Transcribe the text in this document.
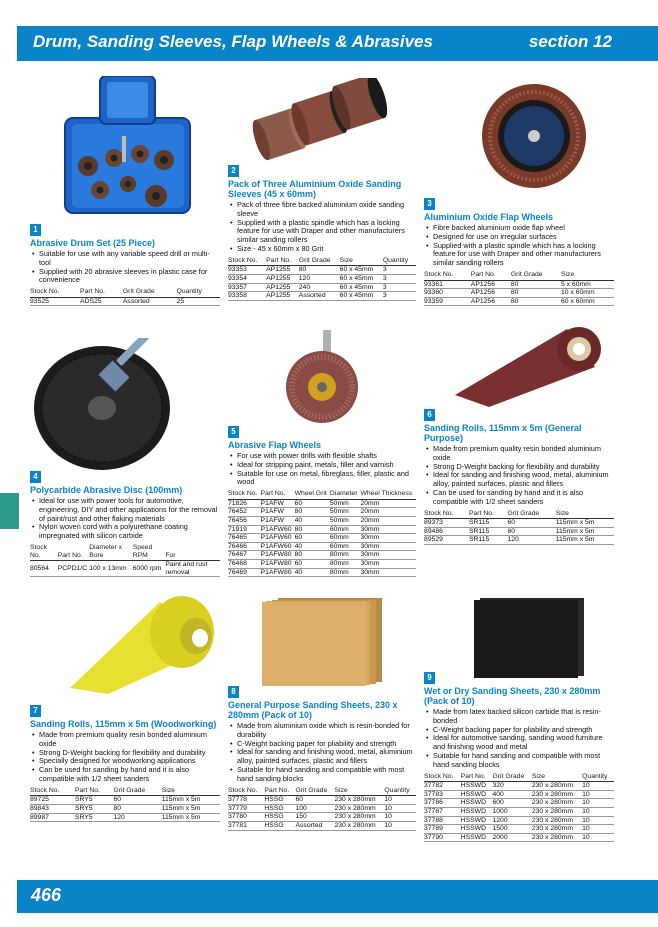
Drum, Sanding Sleeves, Flap Wheels & Abrasives	section 12
1
Abrasive Drum Set (25 Piece)
• Suitable for use with any variable speed drill or multi-tool
• Supplied with 20 abrasive sleeves in plastic case for convenience
Stock No.	Part No.	Grit Grade	Quantity
93525	ADS25	Assorted	25
2
Pack of Three Aluminium Oxide Sanding Sleeves (45 x 60mm)
• Pack of three fibre backed aluminium oxide sanding sleeve
• Supplied with a plastic spindle which has a locking feature for use with Draper and other manufacturers similar sanding rollers
• Size - 45 x 60mm x 80 Grit
Stock No.	Part No.	Grit Grade	Size	Quantity
93353	AP1255	80	60 x 45mm	3
93354	AP1255	120	60 x 45mm	3
93357	AP1255	240	60 x 45mm	3
93358	AP1255	Assorted	60 x 45mm	3
3
Aluminium Oxide Flap Wheels
• Fibre backed aluminium oxide flap wheel
• Designed for use on irregular surfaces
• Supplied with a plastic spindle which has a locking feature for use with Draper and other manufacturers similar sanding rollers
Stock No.	Part No.	Grit Grade	Size
93361	AP1256	80	5 x 60mm
93360	AP1256	80	10 x 60mm
93359	AP1256	80	60 x 60mm
4
Polycarbide Abrasive Disc (100mm)
• Ideal for use with power tools for automotive, engineering, DIY and other applications for the removal of paint/rust and other flaking materials
• Nylon woven cord with a polyurethane coating impregnated with silicon carbide
Stock No.	Part No.	Diameter x Bore	Speed RPM	For
80564	PCPD1/C	100 x 13mm	6000 rpm	Paint and rust removal
5
Abrasive Flap Wheels
• For use with power drills with flexible shafts
• Ideal for stripping paint, metals, filler and varnish
• Suitable for use on metal, fibreglass, filler, plastic and wood
Stock No.	Part No.	Wheel Grit	Diameter	Wheel Thickness
71826	P1AFW	60	50mm	20mm
76452	P1AFW	80	50mm	20mm
76456	P1AFW	40	50mm	20mm
71919	P1AFW60	80	60mm	30mm
76465	P1AFW60	60	60mm	30mm
76466	P1AFW60	40	60mm	30mm
76467	P1AFW80	80	80mm	30mm
76468	P1AFW80	60	80mm	30mm
76469	P1AFW80	40	80mm	30mm
6
Sanding Rolls, 115mm x 5m (General Purpose)
• Made from premium quality resin bonded aluminium oxide
• Strong D-Weight backing for flexibility and durability
• Ideal for sanding and finishing wood, metal, aluminium alloy, painted surfaces, plastic and fillers
• Can be used for sanding by hand and it is also compatible with 1/2 sheet sanders
Stock No.	Part No.	Grit Grade	Size
89373	SR115	60	115mm x 5m
89486	SR115	80	115mm x 5m
89529	SR115	120	115mm x 5m
7
Sanding Rolls, 115mm x 5m (Woodworking)
• Made from premium quality resin bonded aluminium oxide
• Strong D-Weight backing for flexibility and durability
• Specially designed for woodworking applications
• Can be used for sanding by hand and it is also compatible with 1/2 sheet sanders
Stock No.	Part No.	Grit Grade	Size
89725	SRY5	60	115mm x 5m
89843	SRY5	80	115mm x 5m
89987	SRY5	120	115mm x 5m
8
General Purpose Sanding Sheets, 230 x 280mm (Pack of 10)
• Made from aluminium oxide which is resin-bonded for durability
• C-Weight backing paper for pliability and strength
• Ideal for sanding and finishing wood, metal, aluminium alloy, painted surfaces, plastic and fillers
• Suitable for hand sanding and compatible with most hand sanding blocks
Stock No.	Part No.	Grit Grade	Size	Quantity
37778	HSSG	60	230 x 280mm	10
37779	HSSG	100	230 x 280mm	10
37780	HSSG	150	230 x 280mm	10
37781	HSSG	Assorted	230 x 280mm	10
9
Wet or Dry Sanding Sheets, 230 x 280mm (Pack of 10)
• Made from latex backed silicon carbide that is resin-bonded
• C-Weight backing paper for pliability and strength
• Ideal for automotive sanding, sanding wood furniture and finishing wood and metal
• Suitable for hand sanding and compatible with most hand sanding blocks
Stock No.	Part No.	Grit Grade	Size	Quantity
37782	HSSWD	320	230 x 280mm	10
37783	HSSWD	400	230 x 280mm	10
37786	HSSWD	600	230 x 280mm	10
37787	HSSWD	1000	230 x 280mm	10
37788	HSSWD	1200	230 x 280mm	10
37789	HSSWD	1500	230 x 280mm	10
37790	HSSWD	2000	230 x 280mm	10
466
